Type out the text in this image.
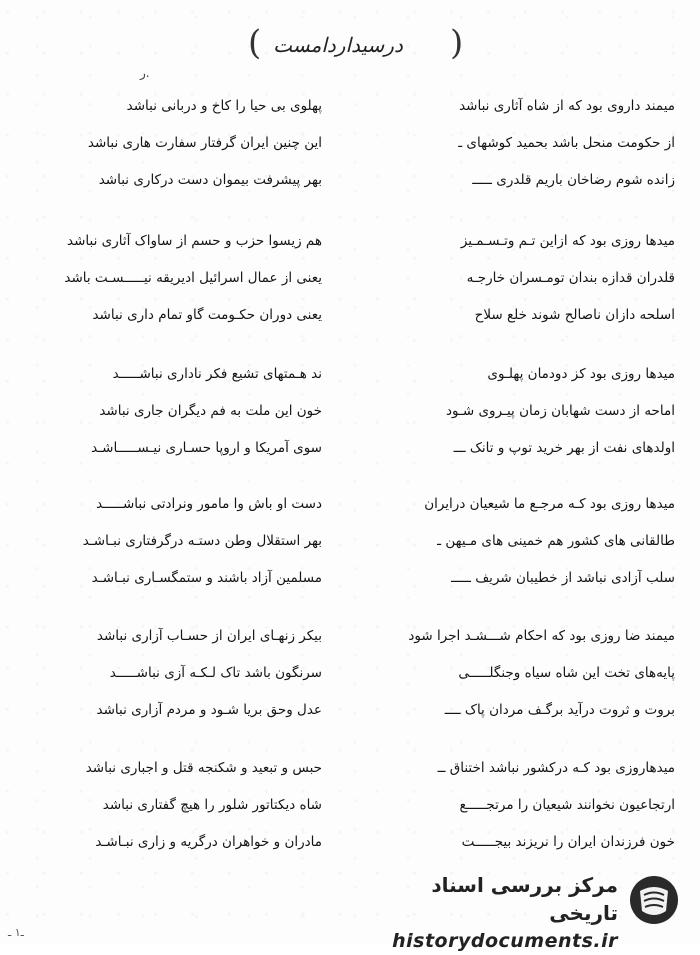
( درسیداردامست (
ر.
میمند داروی بود که از شاه آثاری نباشد
از حکومت منحل باشد بحمید کوشهای ـ
زانده شوم رضاخان باریم قلدری ـــــ
پهلوی بی حیا را کاخ و دربانی نباشد
این چنین ایران گرفتار سفارت هاری نباشد
بهر پیشرفت بیموان دست درکاری نباشد
میدها روزی بود که ازاین تـم وتـسـمـیز
قلدران قدازه بندان تومـسران خارجـه
اسلحه دازان ناصالح شوند خلع سلاح
هم زیسوا حزب و حسم از ساواک آثاری نباشد
یعنی از عمال اسرائیل ادیریقه نیـــــسـت باشد
یعنی دوران حکـومت گاو تمام داری نباشد
میدها روزی بود کز دودمان پهلـوی
اماحه از دست شهابان زمان پیـروی شـود
اولدهای نفت از بهر خرید توپ و تانک ـــ
ند هـمتهای تشیع فکر ناداری نباشـــــد
خون این ملت به فم دیگران جاری نباشد
سوی آمریکا و اروپا حسـاری نیـســـــاشـد
میدها روزی بود کـه مرجـع ما شیعیان درایران
طالقانی های کشور هم خمینی های مـیهن ـ
سلب آزادی نباشد از خطیبان شریف ـــــ
دست او باش وا مامور ونرادتی نباشـــــد
بهر استقلال وطن دستـه درگرفتاری نبـاشـد
مسلمین آزاد باشند و ستمگسـاری نبـاشـد
میمند ضا روزی بود که احکام شـــشـد اجرا شود
پایه‌های تخت این شاه سیاه وجنگلـــــی
بروت و ثروت درآید برگـف مردان پاک ــــ
بیکر زنهـای ایران از حسـاب آزاری نباشد
سرنگون باشد تاک لـکـه آزی نباشـــــد
عدل وحق بریا شـود و مردم آزاری نباشد
میدهاروزی بود کـه درکشور نباشد اختناق ــ
ارتجاعیون نخوانند شیعیان را مرتجـــــع
خون فرزندان ایران را نریزند بیجـــــت
حبس و تبعید و شکنجه قتل و اجباری نباشد
شاه دیکتاتور شلور را هیچ گفتاری نباشد
مادران و خواهران درگریه و زاری نبـاشـد
ـ۱ ـ
مرکز بررسی اسناد تاریخی
historydocuments.ir
